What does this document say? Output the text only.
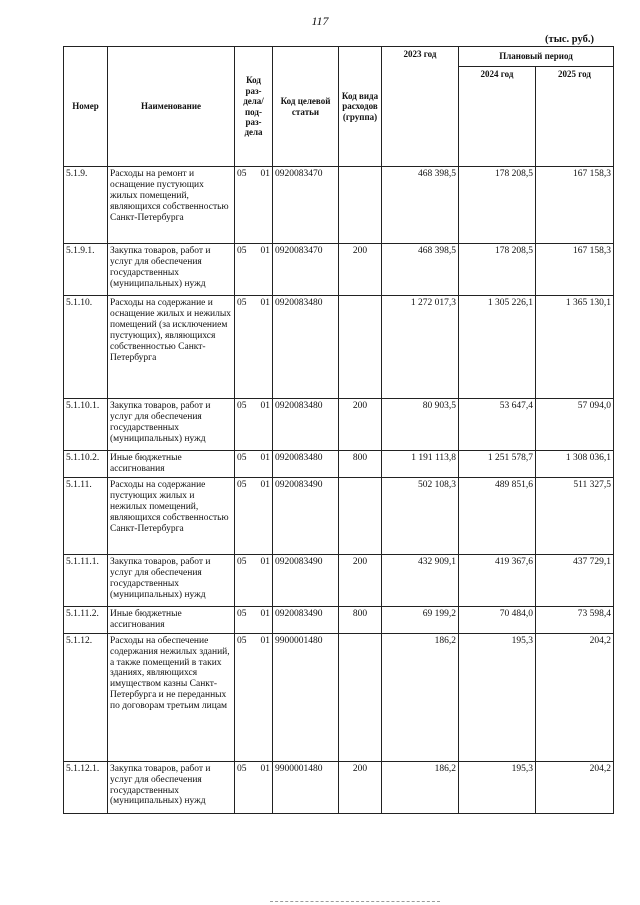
117
(тыс. руб.)
Номер	Наименование	Код раз-дела/ под-раз-дела	Код целевой статьи	Код вида расходов (группа)	2023 год	Плановый период	
						2024 год	2025 год
5.1.9.	Расходы на ремонт и оснащение пустующих жилых помещений, являющихся собственностью Санкт-Петербурга	05 01	0920083470		468 398,5	178 208,5	167 158,3
5.1.9.1.	Закупка товаров, работ и услуг для обеспечения государственных (муниципальных) нужд	05 01	0920083470	200	468 398,5	178 208,5	167 158,3
5.1.10.	Расходы на содержание и оснащение жилых и нежилых помещений (за исключением пустующих), являющихся собственностью Санкт-Петербурга	05 01	0920083480		1 272 017,3	1 305 226,1	1 365 130,1
5.1.10.1.	Закупка товаров, работ и услуг для обеспечения государственных (муниципальных) нужд	05 01	0920083480	200	80 903,5	53 647,4	57 094,0
5.1.10.2.	Иные бюджетные ассигнования	05 01	0920083480	800	1 191 113,8	1 251 578,7	1 308 036,1
5.1.11.	Расходы на содержание пустующих жилых и нежилых помещений, являющихся собственностью Санкт-Петербурга	05 01	0920083490		502 108,3	489 851,6	511 327,5
5.1.11.1.	Закупка товаров, работ и услуг для обеспечения государственных (муниципальных) нужд	05 01	0920083490	200	432 909,1	419 367,6	437 729,1
5.1.11.2.	Иные бюджетные ассигнования	05 01	0920083490	800	69 199,2	70 484,0	73 598,4
5.1.12.	Расходы на обеспечение содержания нежилых зданий, а также помещений в таких зданиях, являющихся имуществом казны Санкт-Петербурга и не переданных по договорам третьим лицам	05 01	9900001480		186,2	195,3	204,2
5.1.12.1.	Закупка товаров, работ и услуг для обеспечения государственных (муниципальных) нужд	05 01	9900001480	200	186,2	195,3	204,2
